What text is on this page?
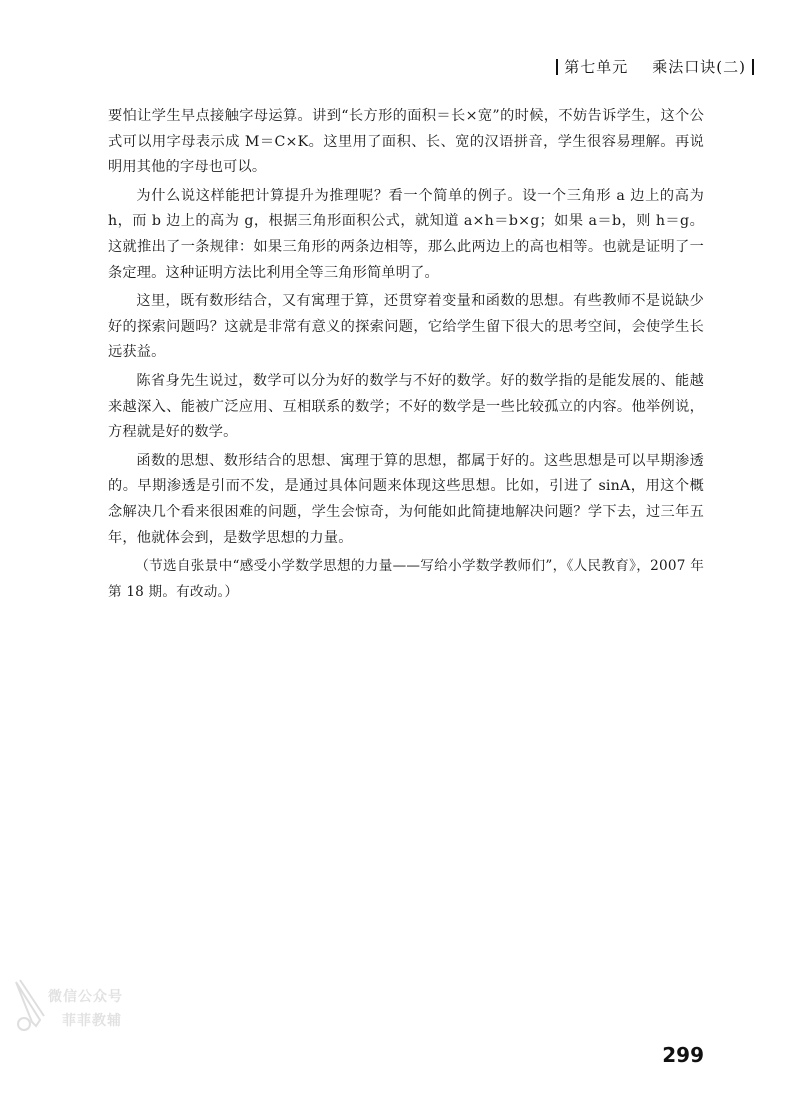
第七单元 乘法口诀(二)

要怕让学生早点接触字母运算。讲到“长方形的面积＝长×宽”的时候，不妨告诉学生，这个公式可以用字母表示成 M＝C×K。这里用了面积、长、宽的汉语拼音，学生很容易理解。再说明用其他的字母也可以。

为什么说这样能把计算提升为推理呢？看一个简单的例子。设一个三角形 a 边上的高为 h，而 b 边上的高为 g，根据三角形面积公式，就知道 a×h＝b×g；如果 a＝b，则 h＝g。这就推出了一条规律：如果三角形的两条边相等，那么此两边上的高也相等。也就是证明了一条定理。这种证明方法比利用全等三角形简单明了。

这里，既有数形结合，又有寓理于算，还贯穿着变量和函数的思想。有些教师不是说缺少好的探索问题吗？这就是非常有意义的探索问题，它给学生留下很大的思考空间，会使学生长远获益。

陈省身先生说过，数学可以分为好的数学与不好的数学。好的数学指的是能发展的、能越来越深入、能被广泛应用、互相联系的数学；不好的数学是一些比较孤立的内容。他举例说，方程就是好的数学。

函数的思想、数形结合的思想、寓理于算的思想，都属于好的。这些思想是可以早期渗透的。早期渗透是引而不发，是通过具体问题来体现这些思想。比如，引进了 sinA，用这个概念解决几个看来很困难的问题，学生会惊奇，为何能如此简捷地解决问题？学下去，过三年五年，他就体会到，是数学思想的力量。

（节选自张景中“感受小学数学思想的力量——写给小学数学教师们”，《人民教育》，2007 年第 18 期。有改动。）

微信公众号
菲菲教辅
299
